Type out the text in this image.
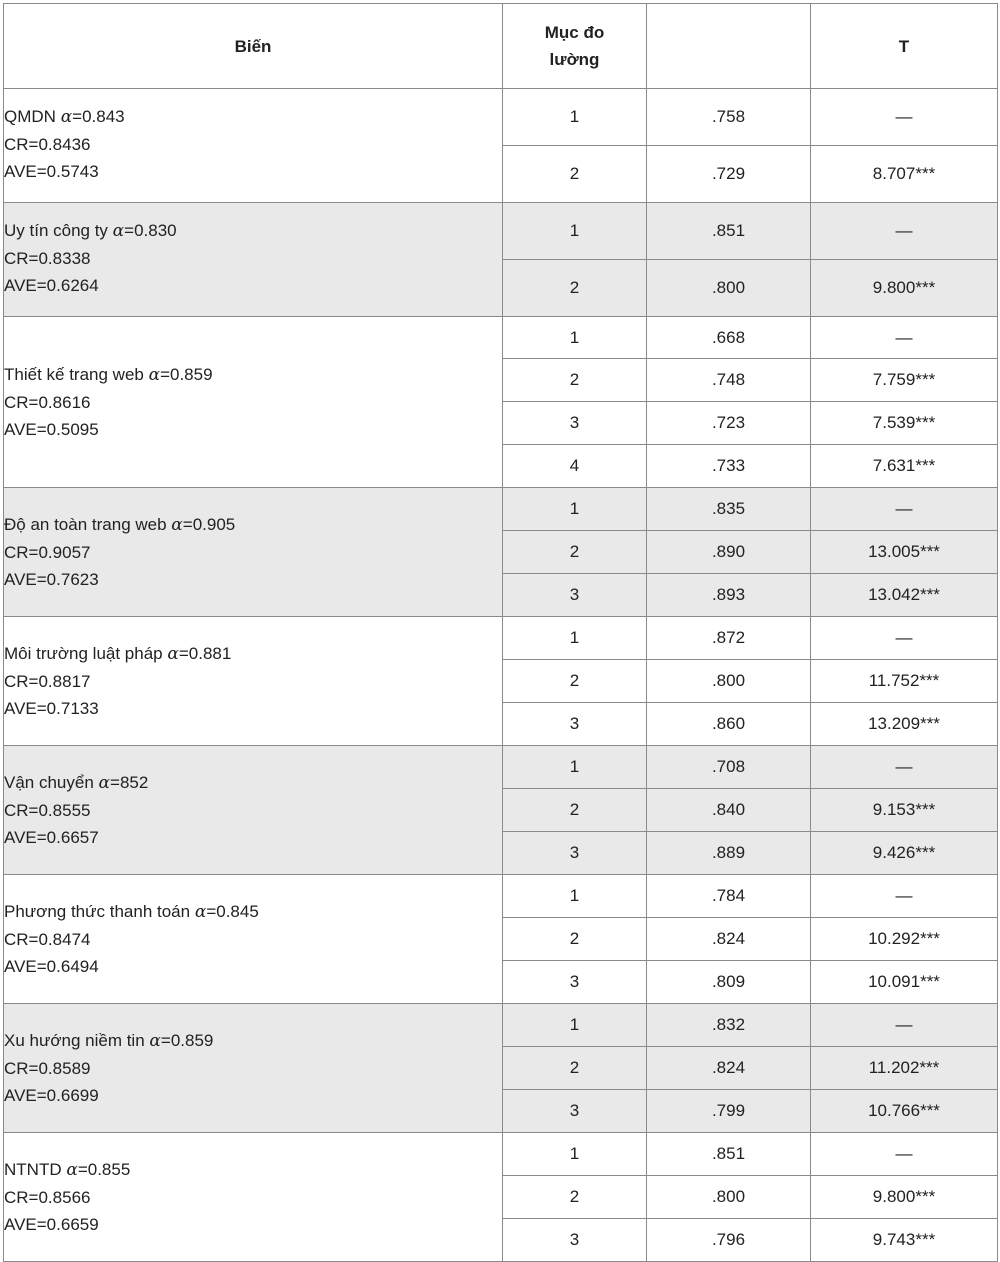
Biến	Mục đo lường		T

QMDN α=0.843
CR=0.8436
AVE=0.5743	1	.758	—
	2	.729	8.707***

Uy tín công ty α=0.830
CR=0.8338
AVE=0.6264	1	.851	—
	2	.800	9.800***

Thiết kế trang web α=0.859
CR=0.8616
AVE=0.5095	1	.668	—
	2	.748	7.759***
	3	.723	7.539***
	4	.733	7.631***

Độ an toàn trang web α=0.905
CR=0.9057
AVE=0.7623	1	.835	—
	2	.890	13.005***
	3	.893	13.042***

Môi trường luật pháp α=0.881
CR=0.8817
AVE=0.7133	1	.872	—
	2	.800	11.752***
	3	.860	13.209***

Vận chuyển α=852
CR=0.8555
AVE=0.6657	1	.708	—
	2	.840	9.153***
	3	.889	9.426***

Phương thức thanh toán α=0.845
CR=0.8474
AVE=0.6494	1	.784	—
	2	.824	10.292***
	3	.809	10.091***

Xu hướng niềm tin α=0.859
CR=0.8589
AVE=0.6699	1	.832	—
	2	.824	11.202***
	3	.799	10.766***

NTNTD α=0.855
CR=0.8566
AVE=0.6659	1	.851	—
	2	.800	9.800***
	3	.796	9.743***
